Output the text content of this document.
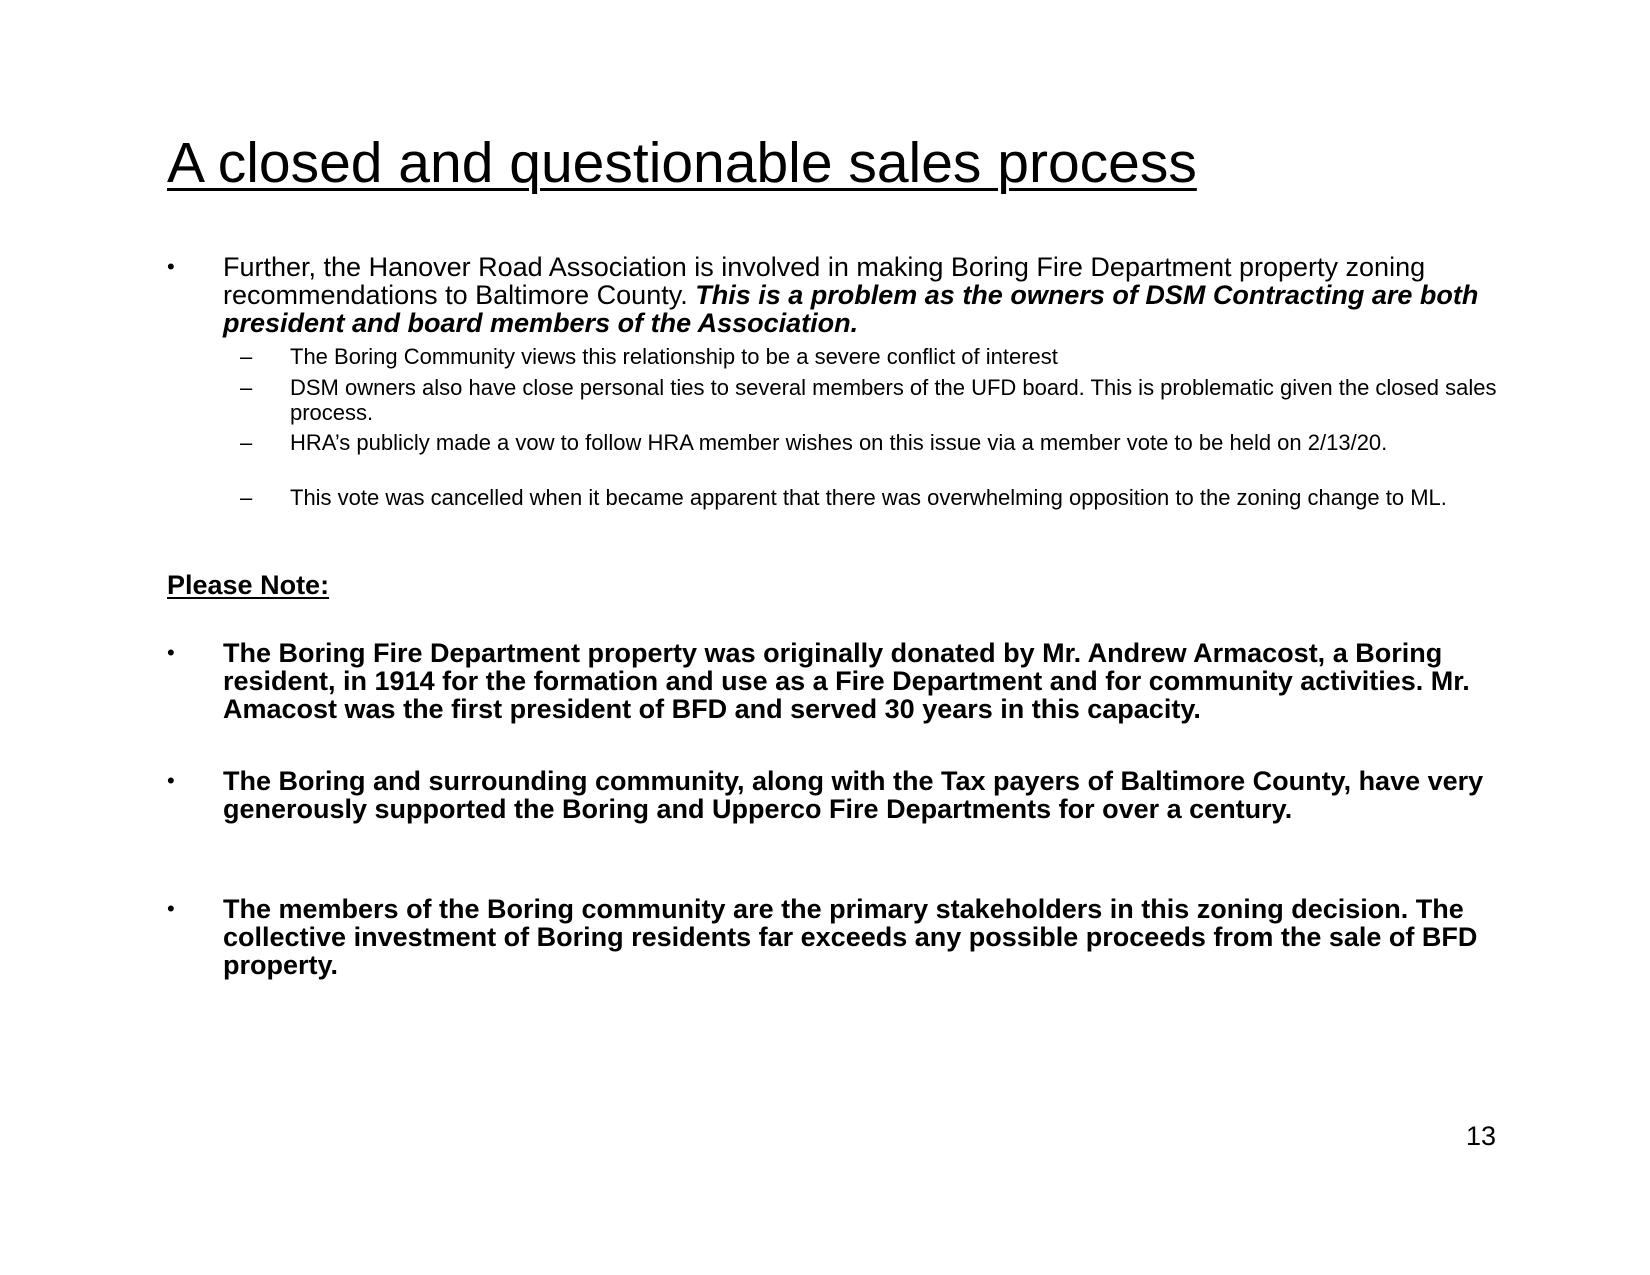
A closed and questionable sales process
•	Further, the Hanover Road Association is involved in making Boring Fire Department property zoning recommendations to Baltimore County. This is a problem as the owners of DSM Contracting are both president and board members of the Association.
–	The Boring Community views this relationship to be a severe conflict of interest
–	DSM owners also have close personal ties to several members of the UFD board. This is problematic given the closed sales process.
–	HRA’s publicly made a vow to follow HRA member wishes on this issue via a member vote to be held on 2/13/20.
–	This vote was cancelled when it became apparent that there was overwhelming opposition to the zoning change to ML.
Please Note:
•	The Boring Fire Department property was originally donated by Mr. Andrew Armacost, a Boring resident, in 1914 for the formation and use as a Fire Department and for community activities. Mr. Amacost was the first president of BFD and served 30 years in this capacity.
•	The Boring and surrounding community, along with the Tax payers of Baltimore County, have very generously supported the Boring and Upperco Fire Departments for over a century.
•	The members of the Boring community are the primary stakeholders in this zoning decision. The collective investment of Boring residents far exceeds any possible proceeds from the sale of BFD property.
13
